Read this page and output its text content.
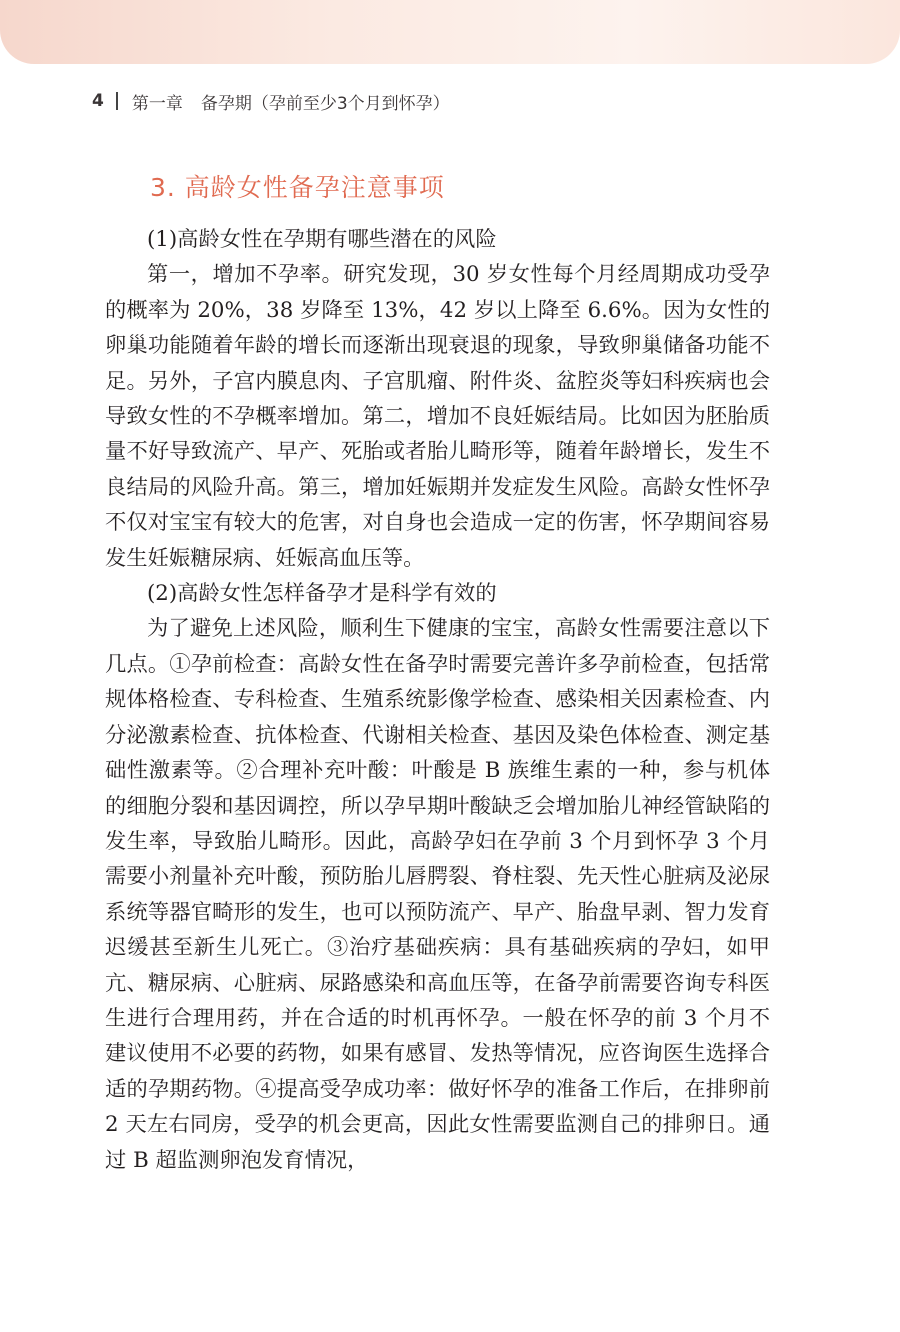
4 第一章 备孕期（孕前至少3个月到怀孕）
3. 高龄女性备孕注意事项

(1)高龄女性在孕期有哪些潜在的风险

第一，增加不孕率。研究发现，30 岁女性每个月经周期成功受孕的概率为 20%，38 岁降至 13%，42 岁以上降至 6.6%。因为女性的卵巢功能随着年龄的增长而逐渐出现衰退的现象，导致卵巢储备功能不足。另外，子宫内膜息肉、子宫肌瘤、附件炎、盆腔炎等妇科疾病也会导致女性的不孕概率增加。第二，增加不良妊娠结局。比如因为胚胎质量不好导致流产、早产、死胎或者胎儿畸形等，随着年龄增长，发生不良结局的风险升高。第三，增加妊娠期并发症发生风险。高龄女性怀孕不仅对宝宝有较大的危害，对自身也会造成一定的伤害，怀孕期间容易发生妊娠糖尿病、妊娠高血压等。

(2)高龄女性怎样备孕才是科学有效的

为了避免上述风险，顺利生下健康的宝宝，高龄女性需要注意以下几点。①孕前检查：高龄女性在备孕时需要完善许多孕前检查，包括常规体格检查、专科检查、生殖系统影像学检查、感染相关因素检查、内分泌激素检查、抗体检查、代谢相关检查、基因及染色体检查、测定基础性激素等。②合理补充叶酸：叶酸是 B 族维生素的一种，参与机体的细胞分裂和基因调控，所以孕早期叶酸缺乏会增加胎儿神经管缺陷的发生率，导致胎儿畸形。因此，高龄孕妇在孕前 3 个月到怀孕 3 个月需要小剂量补充叶酸，预防胎儿唇腭裂、脊柱裂、先天性心脏病及泌尿系统等器官畸形的发生，也可以预防流产、早产、胎盘早剥、智力发育迟缓甚至新生儿死亡。③治疗基础疾病：具有基础疾病的孕妇，如甲亢、糖尿病、心脏病、尿路感染和高血压等，在备孕前需要咨询专科医生进行合理用药，并在合适的时机再怀孕。一般在怀孕的前 3 个月不建议使用不必要的药物，如果有感冒、发热等情况，应咨询医生选择合适的孕期药物。④提高受孕成功率：做好怀孕的准备工作后，在排卵前 2 天左右同房，受孕的机会更高，因此女性需要监测自己的排卵日。通过 B 超监测卵泡发育情况，
